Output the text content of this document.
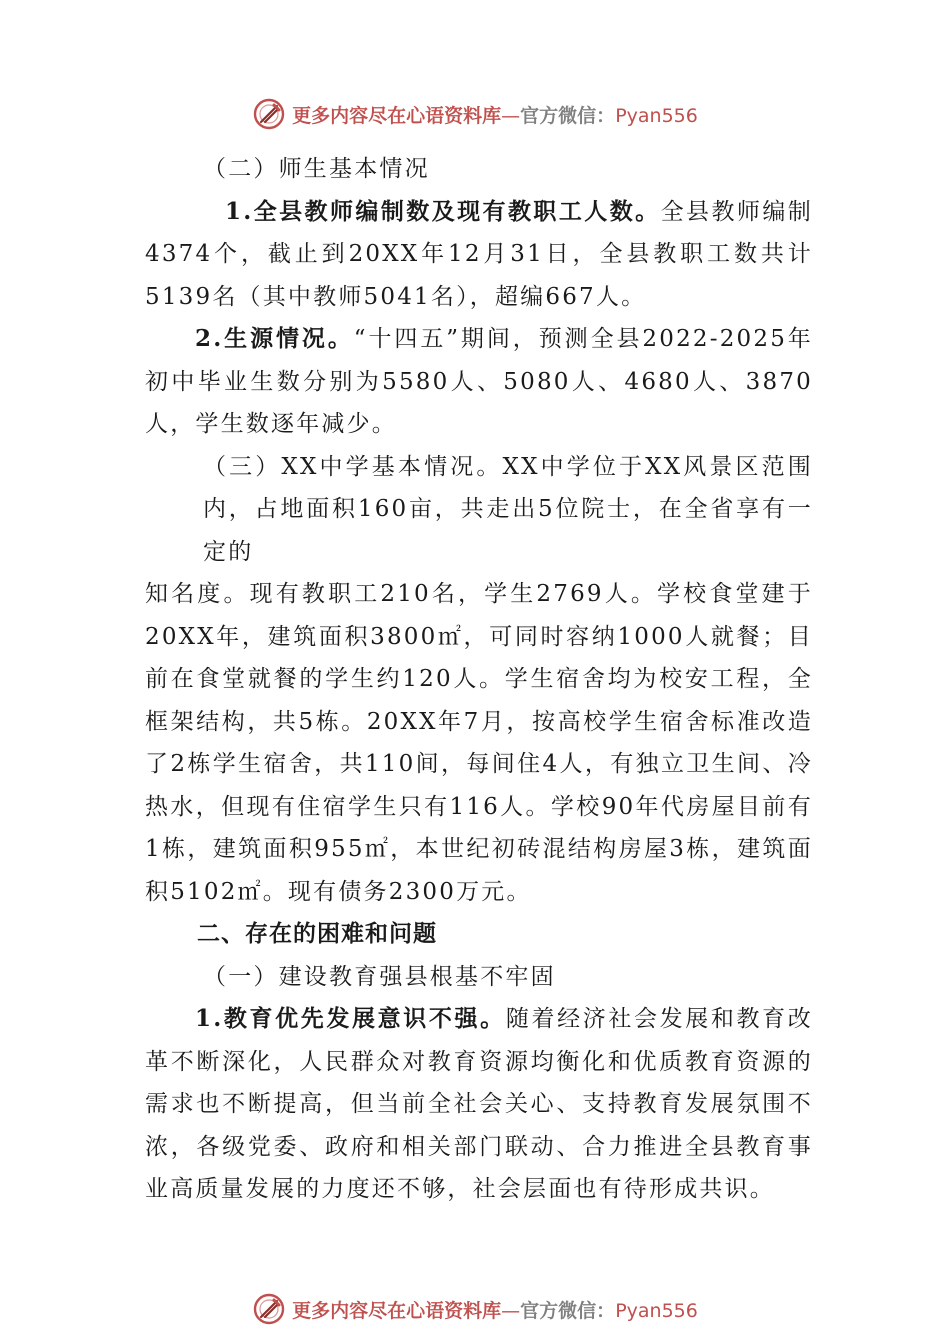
更多内容尽在心语资料库—官方微信：Pyan556

（二）师生基本情况

1.全县教师编制数及现有教职工人数。全县教师编制4374个，截止到20XX年12月31日，全县教职工数共计5139名（其中教师5041名），超编667人。

2.生源情况。“十四五”期间，预测全县2022-2025年初中毕业生数分别为5580人、5080人、4680人、3870人，学生数逐年减少。

（三）XX中学基本情况。XX中学位于XX风景区范围内，占地面积160亩，共走出5位院士，在全省享有一定的

知名度。现有教职工210名，学生2769人。学校食堂建于20XX年，建筑面积3800㎡，可同时容纳1000人就餐；目前在食堂就餐的学生约120人。学生宿舍均为校安工程，全框架结构，共5栋。20XX年7月，按高校学生宿舍标准改造了2栋学生宿舍，共110间，每间住4人，有独立卫生间、冷热水，但现有住宿学生只有116人。学校90年代房屋目前有1栋，建筑面积955㎡，本世纪初砖混结构房屋3栋，建筑面积5102㎡。现有债务2300万元。

二、存在的困难和问题

（一）建设教育强县根基不牢固

1.教育优先发展意识不强。随着经济社会发展和教育改革不断深化，人民群众对教育资源均衡化和优质教育资源的需求也不断提高，但当前全社会关心、支持教育发展氛围不浓，各级党委、政府和相关部门联动、合力推进全县教育事业高质量发展的力度还不够，社会层面也有待形成共识。

更多内容尽在心语资料库—官方微信：Pyan556
